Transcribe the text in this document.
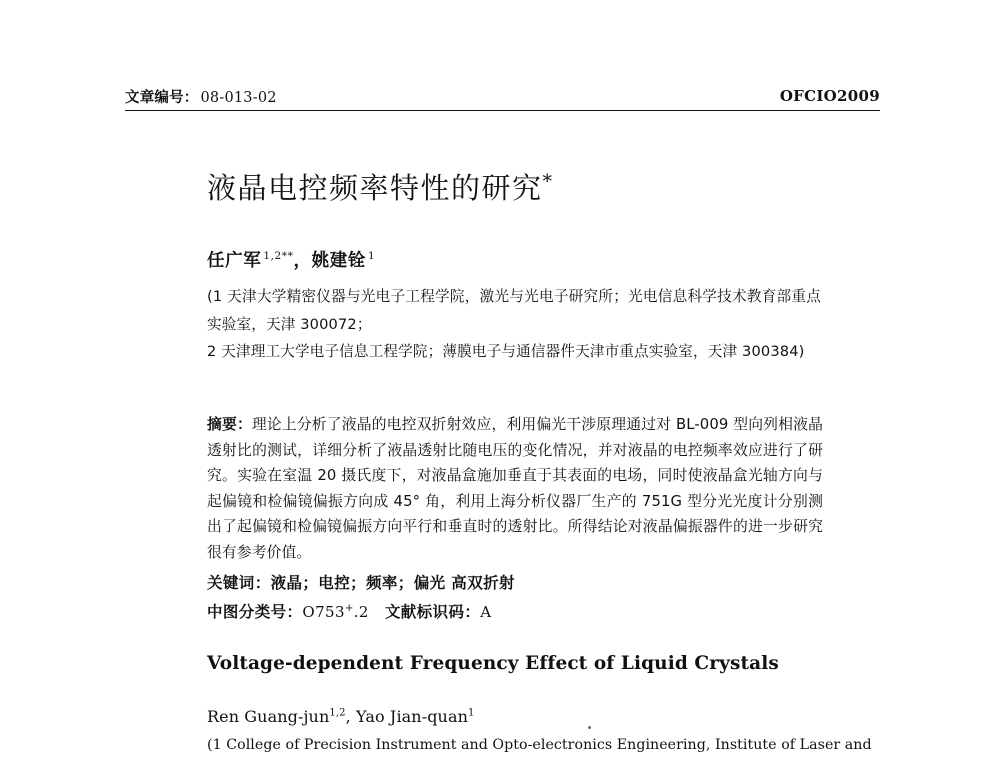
文章编号： 08-013-02	OFCIO2009
液晶电控频率特性的研究*
任广军 $^{1,2**}$，姚建铨 $^1$

(1 天津大学精密仪器与光电子工程学院，激光与光电子研究所；光电信息科学技术教育部重点实验室，天津 300072；

2 天津理工大学电子信息工程学院；薄膜电子与通信器件天津市重点实验室，天津 300384)

摘要：理论上分析了液晶的电控双折射效应，利用偏光干涉原理通过对 BL-009 型向列相液晶透射比的测试，详细分析了液晶透射比随电压的变化情况，并对液晶的电控频率效应进行了研究。实验在室温 20 摄氏度下，对液晶盒施加垂直于其表面的电场，同时使液晶盒光轴方向与起偏镜和检偏镜偏振方向成 45° 角，利用上海分析仪器厂生产的 751G 型分光光度计分别测出了起偏镜和检偏镜偏振方向平行和垂直时的透射比。所得结论对液晶偏振器件的进一步研究很有参考价值。
关键词：液晶；电控；频率；偏光 高双折射
中图分类号：O753+.2 文献标识码：A
Voltage-dependent Frequency Effect of Liquid Crystals
Ren Guang-jun$^{1,2}$, Yao Jian-quan$^1$
(1 College of Precision Instrument and Opto-electronics Engineering, Institute of Laser and
